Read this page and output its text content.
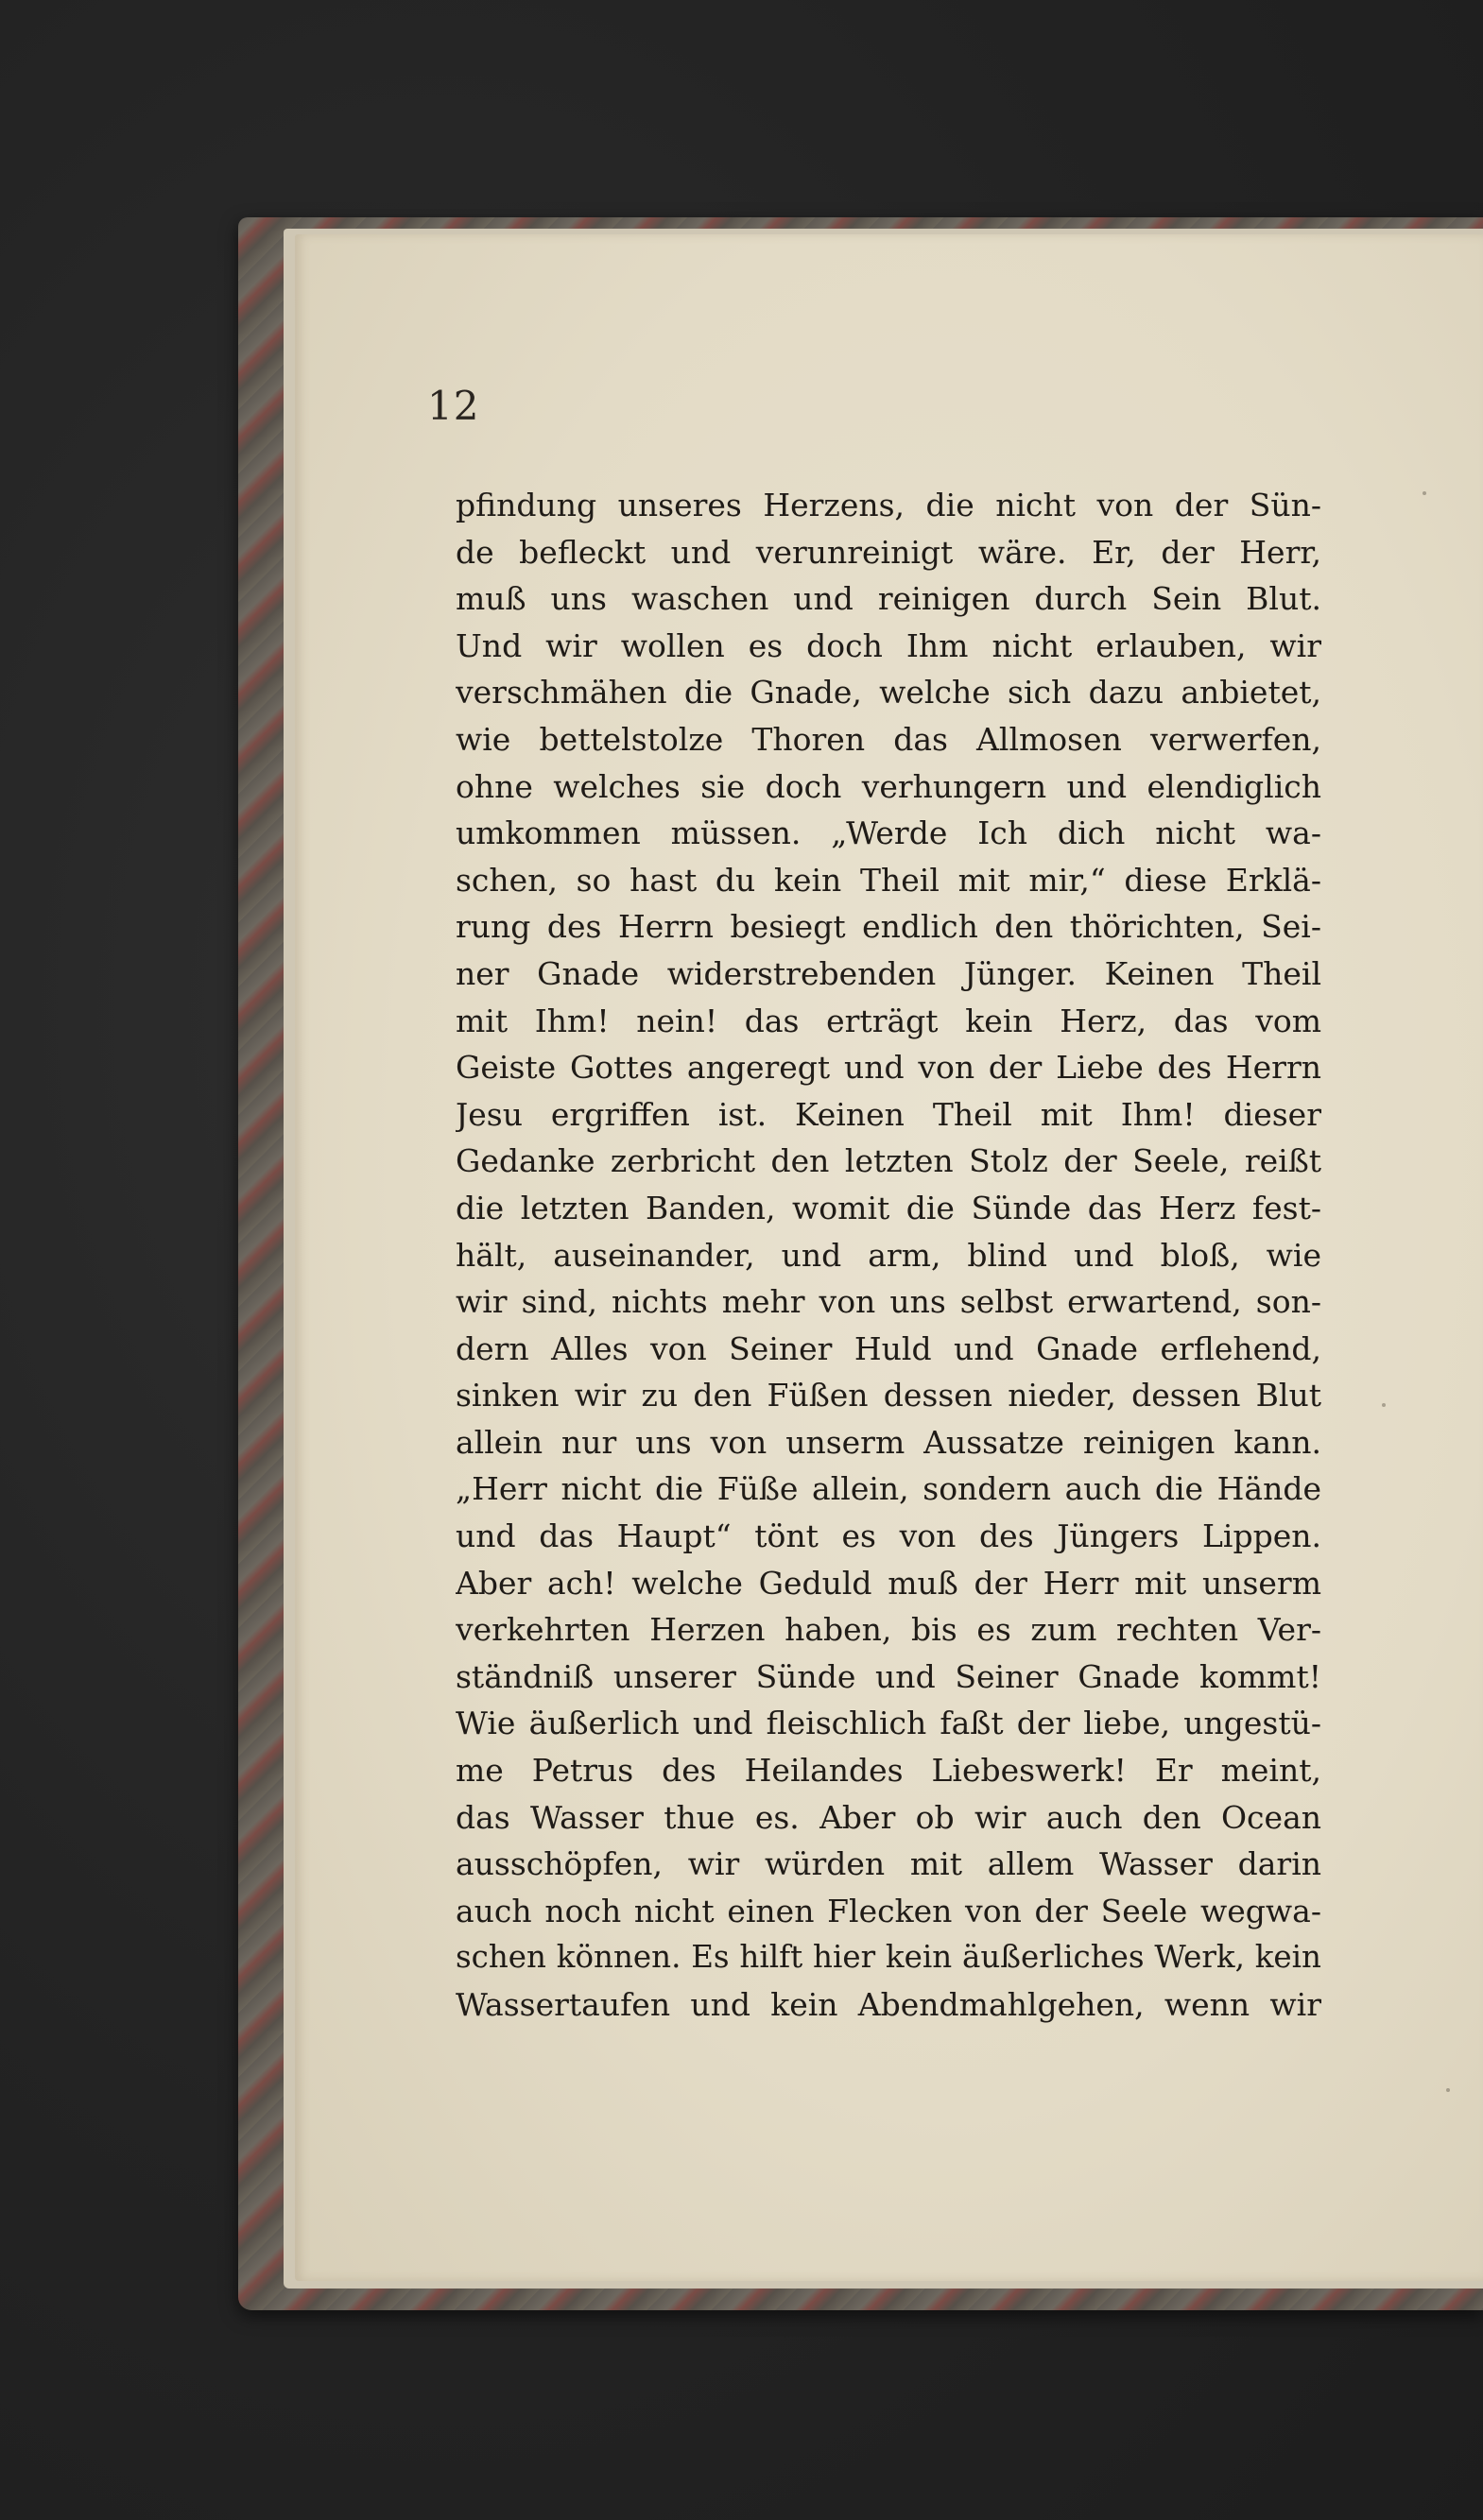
12
pfindung unseres Herzens, die nicht von der Sün-
de befleckt und verunreinigt wäre. Er, der Herr,
muß uns waschen und reinigen durch Sein Blut.
Und wir wollen es doch Ihm nicht erlauben, wir
verschmähen die Gnade, welche sich dazu anbietet,
wie bettelstolze Thoren das Allmosen verwerfen,
ohne welches sie doch verhungern und elendiglich
umkommen müssen. „Werde Ich dich nicht wa-
schen, so hast du kein Theil mit mir,“ diese Erklä-
rung des Herrn besiegt endlich den thörichten, Sei-
ner Gnade widerstrebenden Jünger. Keinen Theil
mit Ihm! nein! das erträgt kein Herz, das vom
Geiste Gottes angeregt und von der Liebe des Herrn
Jesu ergriffen ist. Keinen Theil mit Ihm! dieser
Gedanke zerbricht den letzten Stolz der Seele, reißt
die letzten Banden, womit die Sünde das Herz fest-
hält, auseinander, und arm, blind und bloß, wie
wir sind, nichts mehr von uns selbst erwartend, son-
dern Alles von Seiner Huld und Gnade erflehend,
sinken wir zu den Füßen dessen nieder, dessen Blut
allein nur uns von unserm Aussatze reinigen kann.
„Herr nicht die Füße allein, sondern auch die Hände
und das Haupt“ tönt es von des Jüngers Lippen.
Aber ach! welche Geduld muß der Herr mit unserm
verkehrten Herzen haben, bis es zum rechten Ver-
ständniß unserer Sünde und Seiner Gnade kommt!
Wie äußerlich und fleischlich faßt der liebe, ungestü-
me Petrus des Heilandes Liebeswerk! Er meint,
das Wasser thue es. Aber ob wir auch den Ocean
ausschöpfen, wir würden mit allem Wasser darin
auch noch nicht einen Flecken von der Seele wegwa-
schen können. Es hilft hier kein äußerliches Werk, kein
Wassertaufen und kein Abendmahlgehen, wenn wir
